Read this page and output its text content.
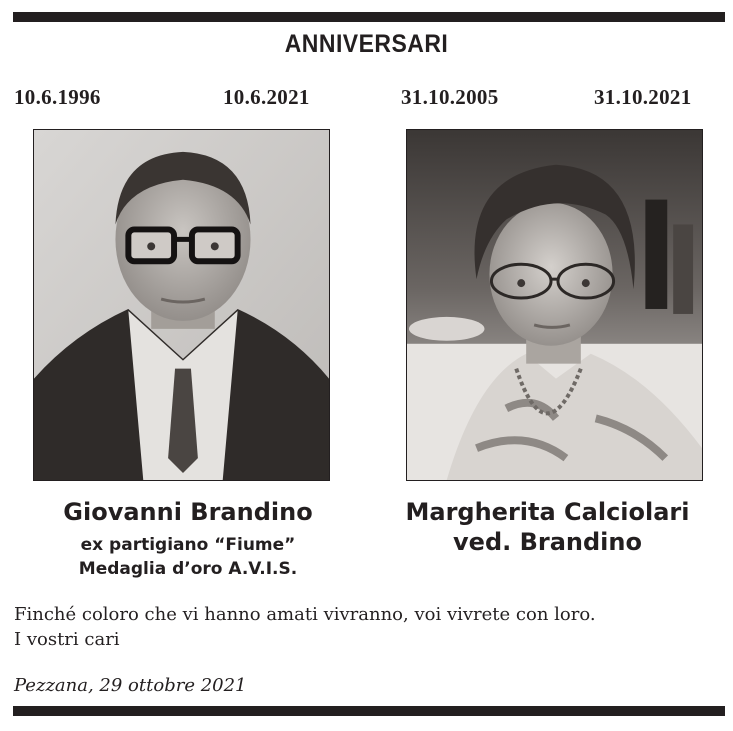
ANNIVERSARI
10.6.1996	10.6.2021	31.10.2005	31.10.2021
Giovanni Brandino
ex partigiano “Fiume”
Medaglia d’oro A.V.I.S.
Margherita Calciolari
ved. Brandino
Finché coloro che vi hanno amati vivranno, voi vivrete con loro.
I vostri cari
Pezzana, 29 ottobre 2021
